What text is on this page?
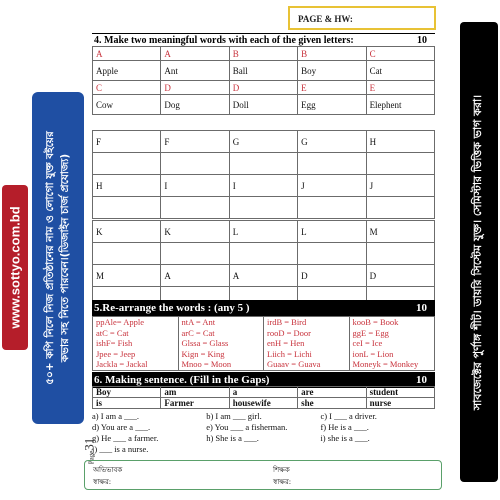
www.sottyo.com.bd ৫০+ কপি নিলে নিজ প্রতিষ্ঠানের নাম ও লোগো যুক্ত বইয়ের কভার সহ নিতে পারবেন।(ডিজাইন চার্জ প্রযোজ্য)	সাবজেক্টের পুর্ণাঙ্গ শীট। ডায়রি সিস্টেম যুক্ত। সেমিস্টার ভিত্তিক ভাগ করা।
PAGE & HW:
4. Make two meaningful words with each of the given letters:	10
A	A	B	B	C
Apple	Ant	Ball	Boy	Cat
C	D	D	E	E
Cow	Dog	Doll	Egg	Elephent
F	F	G	G	H

H	I	I	J	J

K	K	L	L	M

M	A	A	D	D

5.Re-arrange the words : (any 5 )	10
ppAle= Apple
atC = Cat
ishF= Fish
Jpee = Jeep
Jackla = Jackal

ntA = Ant
arC = Cat
Glssa = Glass
Kign = King
Mnoo = Moon

irdB = Bird
rooD = Door
enH = Hen
Liich = Lichi
Guaav = Guava

kooB = Book
ggE = Egg
ceI = Ice
ionL = Lion
Moneyk = Monkey
6. Making sentence. (Fill in the Gaps)	10
Boy	am	a	are	student
is	Farmer	housewife	she	nurse
a) I am a ___.	b) I am ___ girl.	c) I ___ a driver.
d) You are a ___.	e) You ___ a fisherman.	f) He is a ___.
g) He ___ a farmer.	h) She is a ___.	i) she is a ___.
j) ___ is a nurse.
Page31
অভিভাবক
স্বাক্ষর:
শিক্ষক
স্বাক্ষর:
